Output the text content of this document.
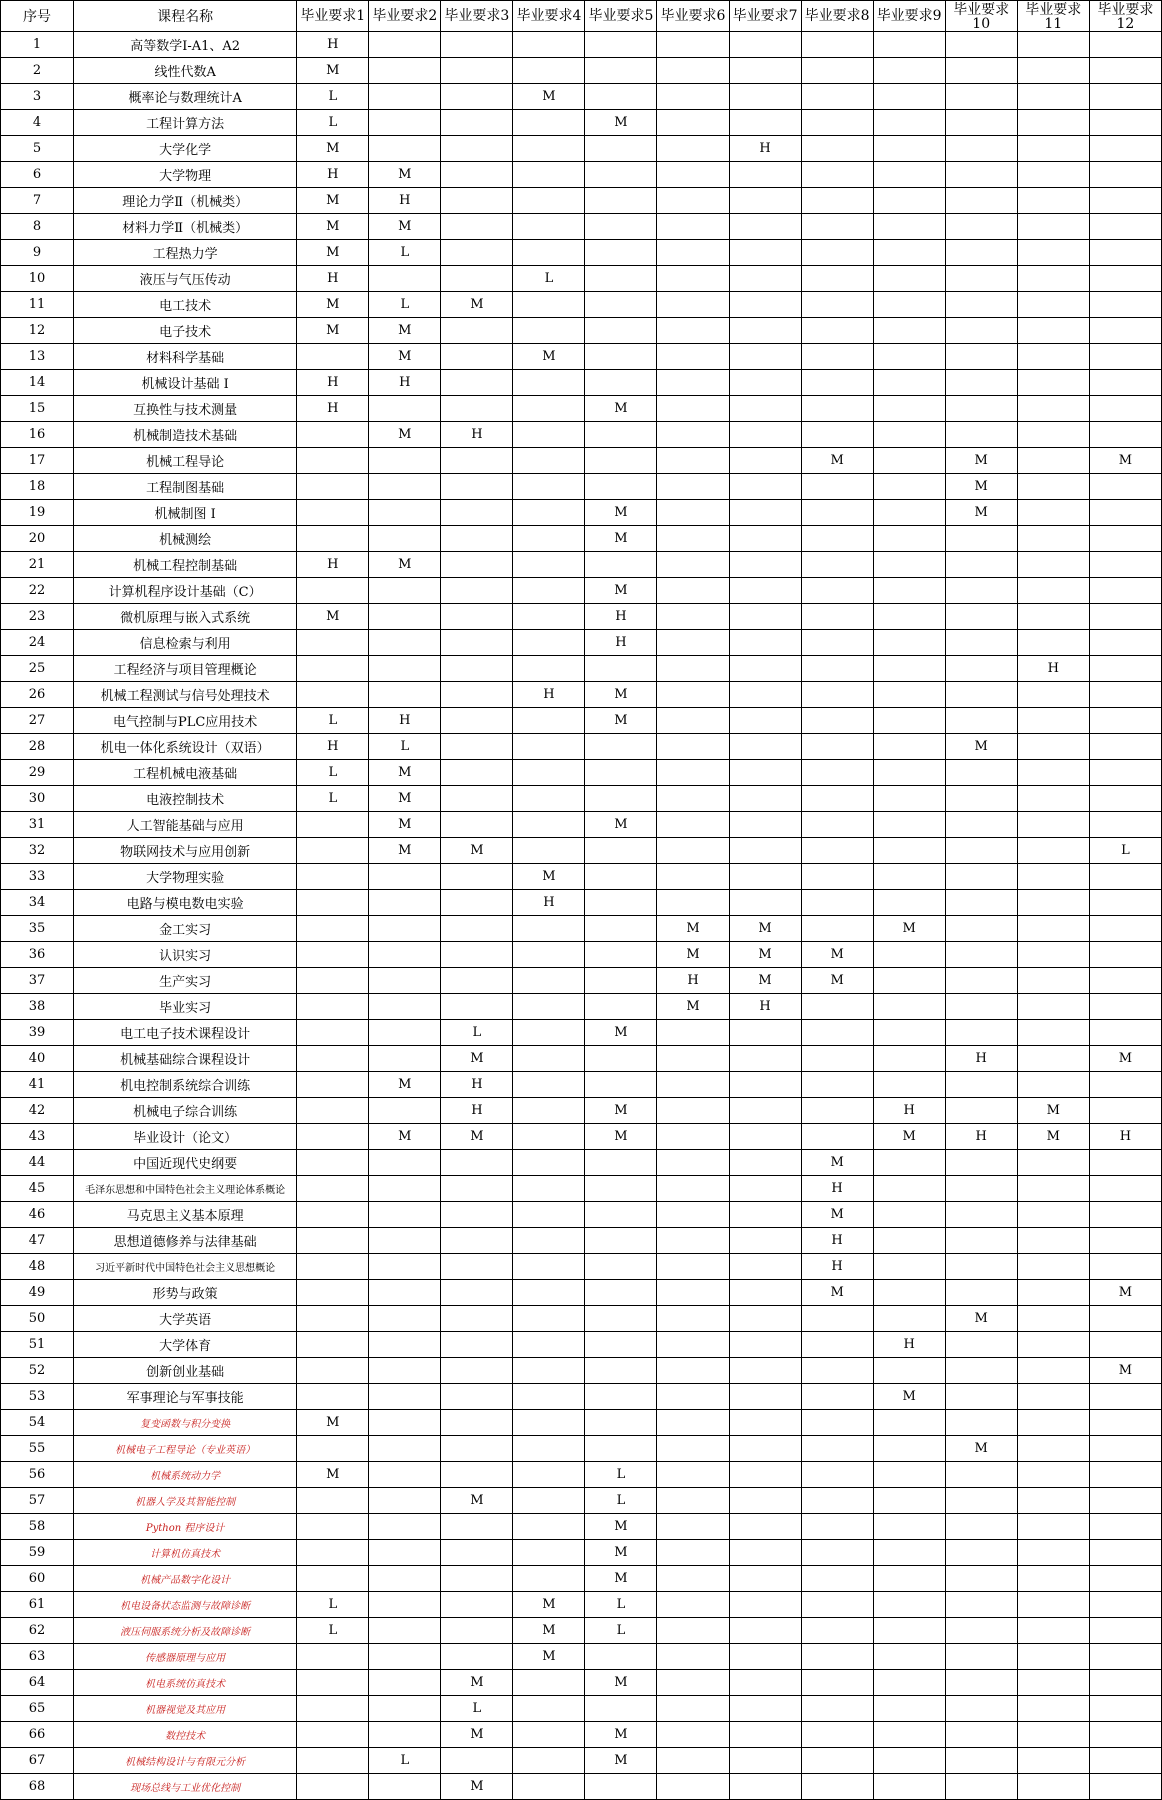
序号	课程名称	毕业要求1	毕业要求2	毕业要求3	毕业要求4	毕业要求5	毕业要求6	毕业要求7	毕业要求8	毕业要求9	毕业要求10	毕业要求11	毕业要求12
1	高等数学Ⅰ-A1、A2	H											
2	线性代数A	M											
3	概率论与数理统计A	L			M								
4	工程计算方法	L				M							
5	大学化学	M						H					
6	大学物理	H	M										
7	理论力学Ⅱ（机械类）	M	H										
8	材料力学Ⅱ（机械类）	M	M										
9	工程热力学	M	L										
10	液压与气压传动	H			L								
11	电工技术	M	L	M									
12	电子技术	M	M										
13	材料科学基础		M		M								
14	机械设计基础 Ⅰ	H	H										
15	互换性与技术测量	H				M							
16	机械制造技术基础		M	H									
17	机械工程导论								M		M		M
18	工程制图基础										M		
19	机械制图 I					M					M		
20	机械测绘					M							
21	机械工程控制基础	H	M										
22	计算机程序设计基础（C）					M							
23	微机原理与嵌入式系统	M				H							
24	信息检索与利用					H							
25	工程经济与项目管理概论											H	
26	机械工程测试与信号处理技术				H	M							
27	电气控制与PLC应用技术	L	H			M							
28	机电一体化系统设计（双语）	H	L								M		
29	工程机械电液基础	L	M										
30	电液控制技术	L	M										
31	人工智能基础与应用		M			M							
32	物联网技术与应用创新		M	M									L
33	大学物理实验				M								
34	电路与模电数电实验				H								
35	金工实习						M	M		M			
36	认识实习						M	M	M				
37	生产实习						H	M	M				
38	毕业实习						M	H					
39	电工电子技术课程设计			L		M							
40	机械基础综合课程设计			M							H		M
41	机电控制系统综合训练		M	H									
42	机械电子综合训练			H		M				H		M	
43	毕业设计（论文）		M	M		M				M	H	M	H
44	中国近现代史纲要								M				
45	毛泽东思想和中国特色社会主义理论体系概论								H				
46	马克思主义基本原理								M				
47	思想道德修养与法律基础								H				
48	习近平新时代中国特色社会主义思想概论								H				
49	形势与政策								M				M
50	大学英语										M		
51	大学体育									H			
52	创新创业基础												M
53	军事理论与军事技能									M			
54	复变函数与积分变换	M											
55	机械电子工程导论（专业英语）										M		
56	机械系统动力学	M				L							
57	机器人学及其智能控制			M		L							
58	Python 程序设计					M							
59	计算机仿真技术					M							
60	机械产品数字化设计					M							
61	机电设备状态监测与故障诊断	L			M	L							
62	液压伺服系统分析及故障诊断	L			M	L							
63	传感器原理与应用				M								
64	机电系统仿真技术			M		M							
65	机器视觉及其应用			L									
66	数控技术			M		M							
67	机械结构设计与有限元分析		L			M							
68	现场总线与工业优化控制			M									
